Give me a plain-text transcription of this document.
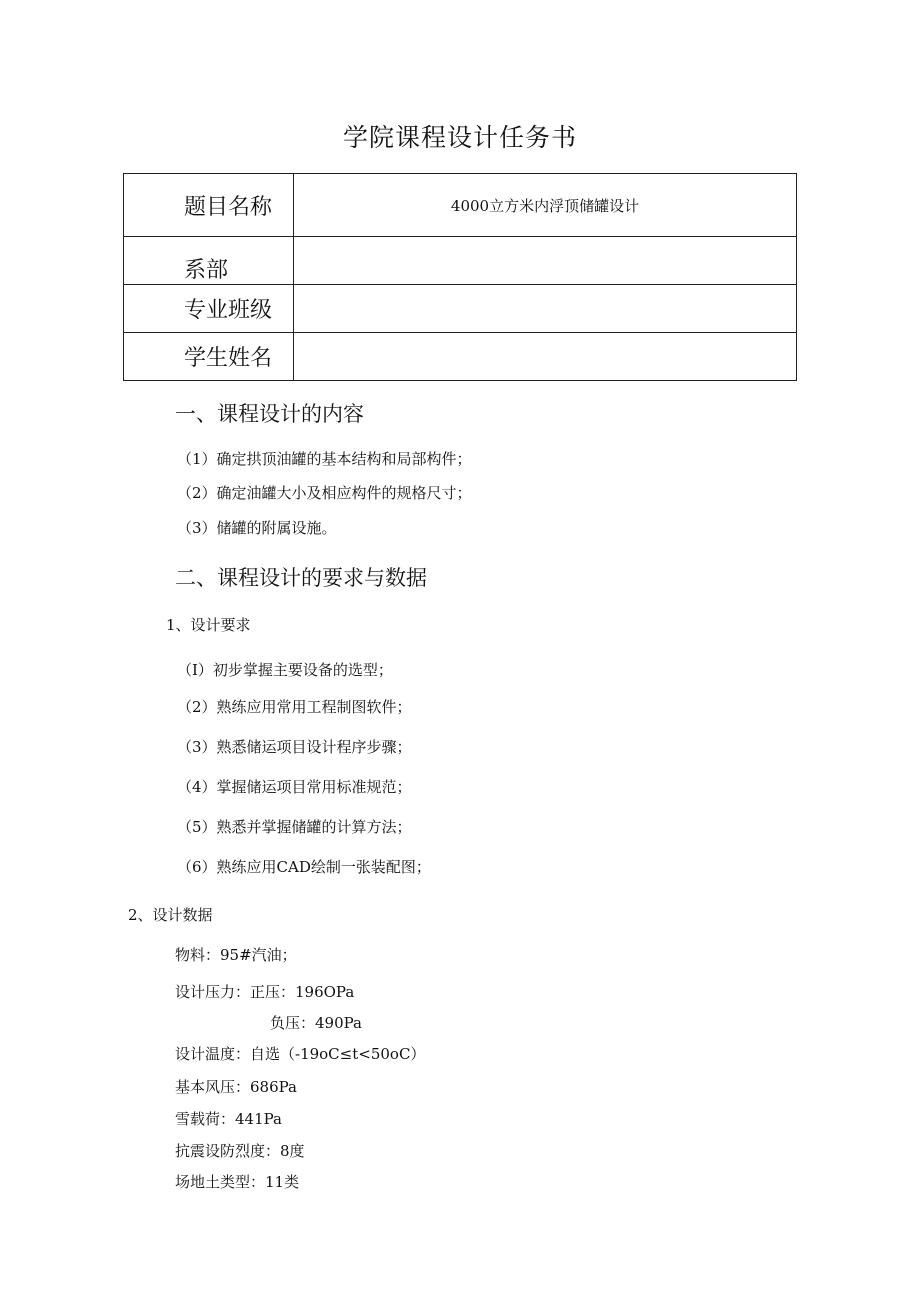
学院课程设计任务书
题目名称	4000立方米内浮顶储罐设计
系部	
专业班级	
学生姓名	
一、课程设计的内容
（1）确定拱顶油罐的基本结构和局部构件；
（2）确定油罐大小及相应构件的规格尺寸；
（3）储罐的附属设施。
二、课程设计的要求与数据
1、设计要求
（I）初步掌握主要设备的选型；
（2）熟练应用常用工程制图软件；
（3）熟悉储运项目设计程序步骤；
（4）掌握储运项目常用标准规范；
（5）熟悉并掌握储罐的计算方法；
（6）熟练应用CAD绘制一张装配图；
2、设计数据
物料：95#汽油；
设计压力：正压：196OPa
负压：490Pa
设计温度：自选（-19oC≤t<50oC）
基本风压：686Pa
雪载荷：441Pa
抗震设防烈度：8度
场地土类型：11类
